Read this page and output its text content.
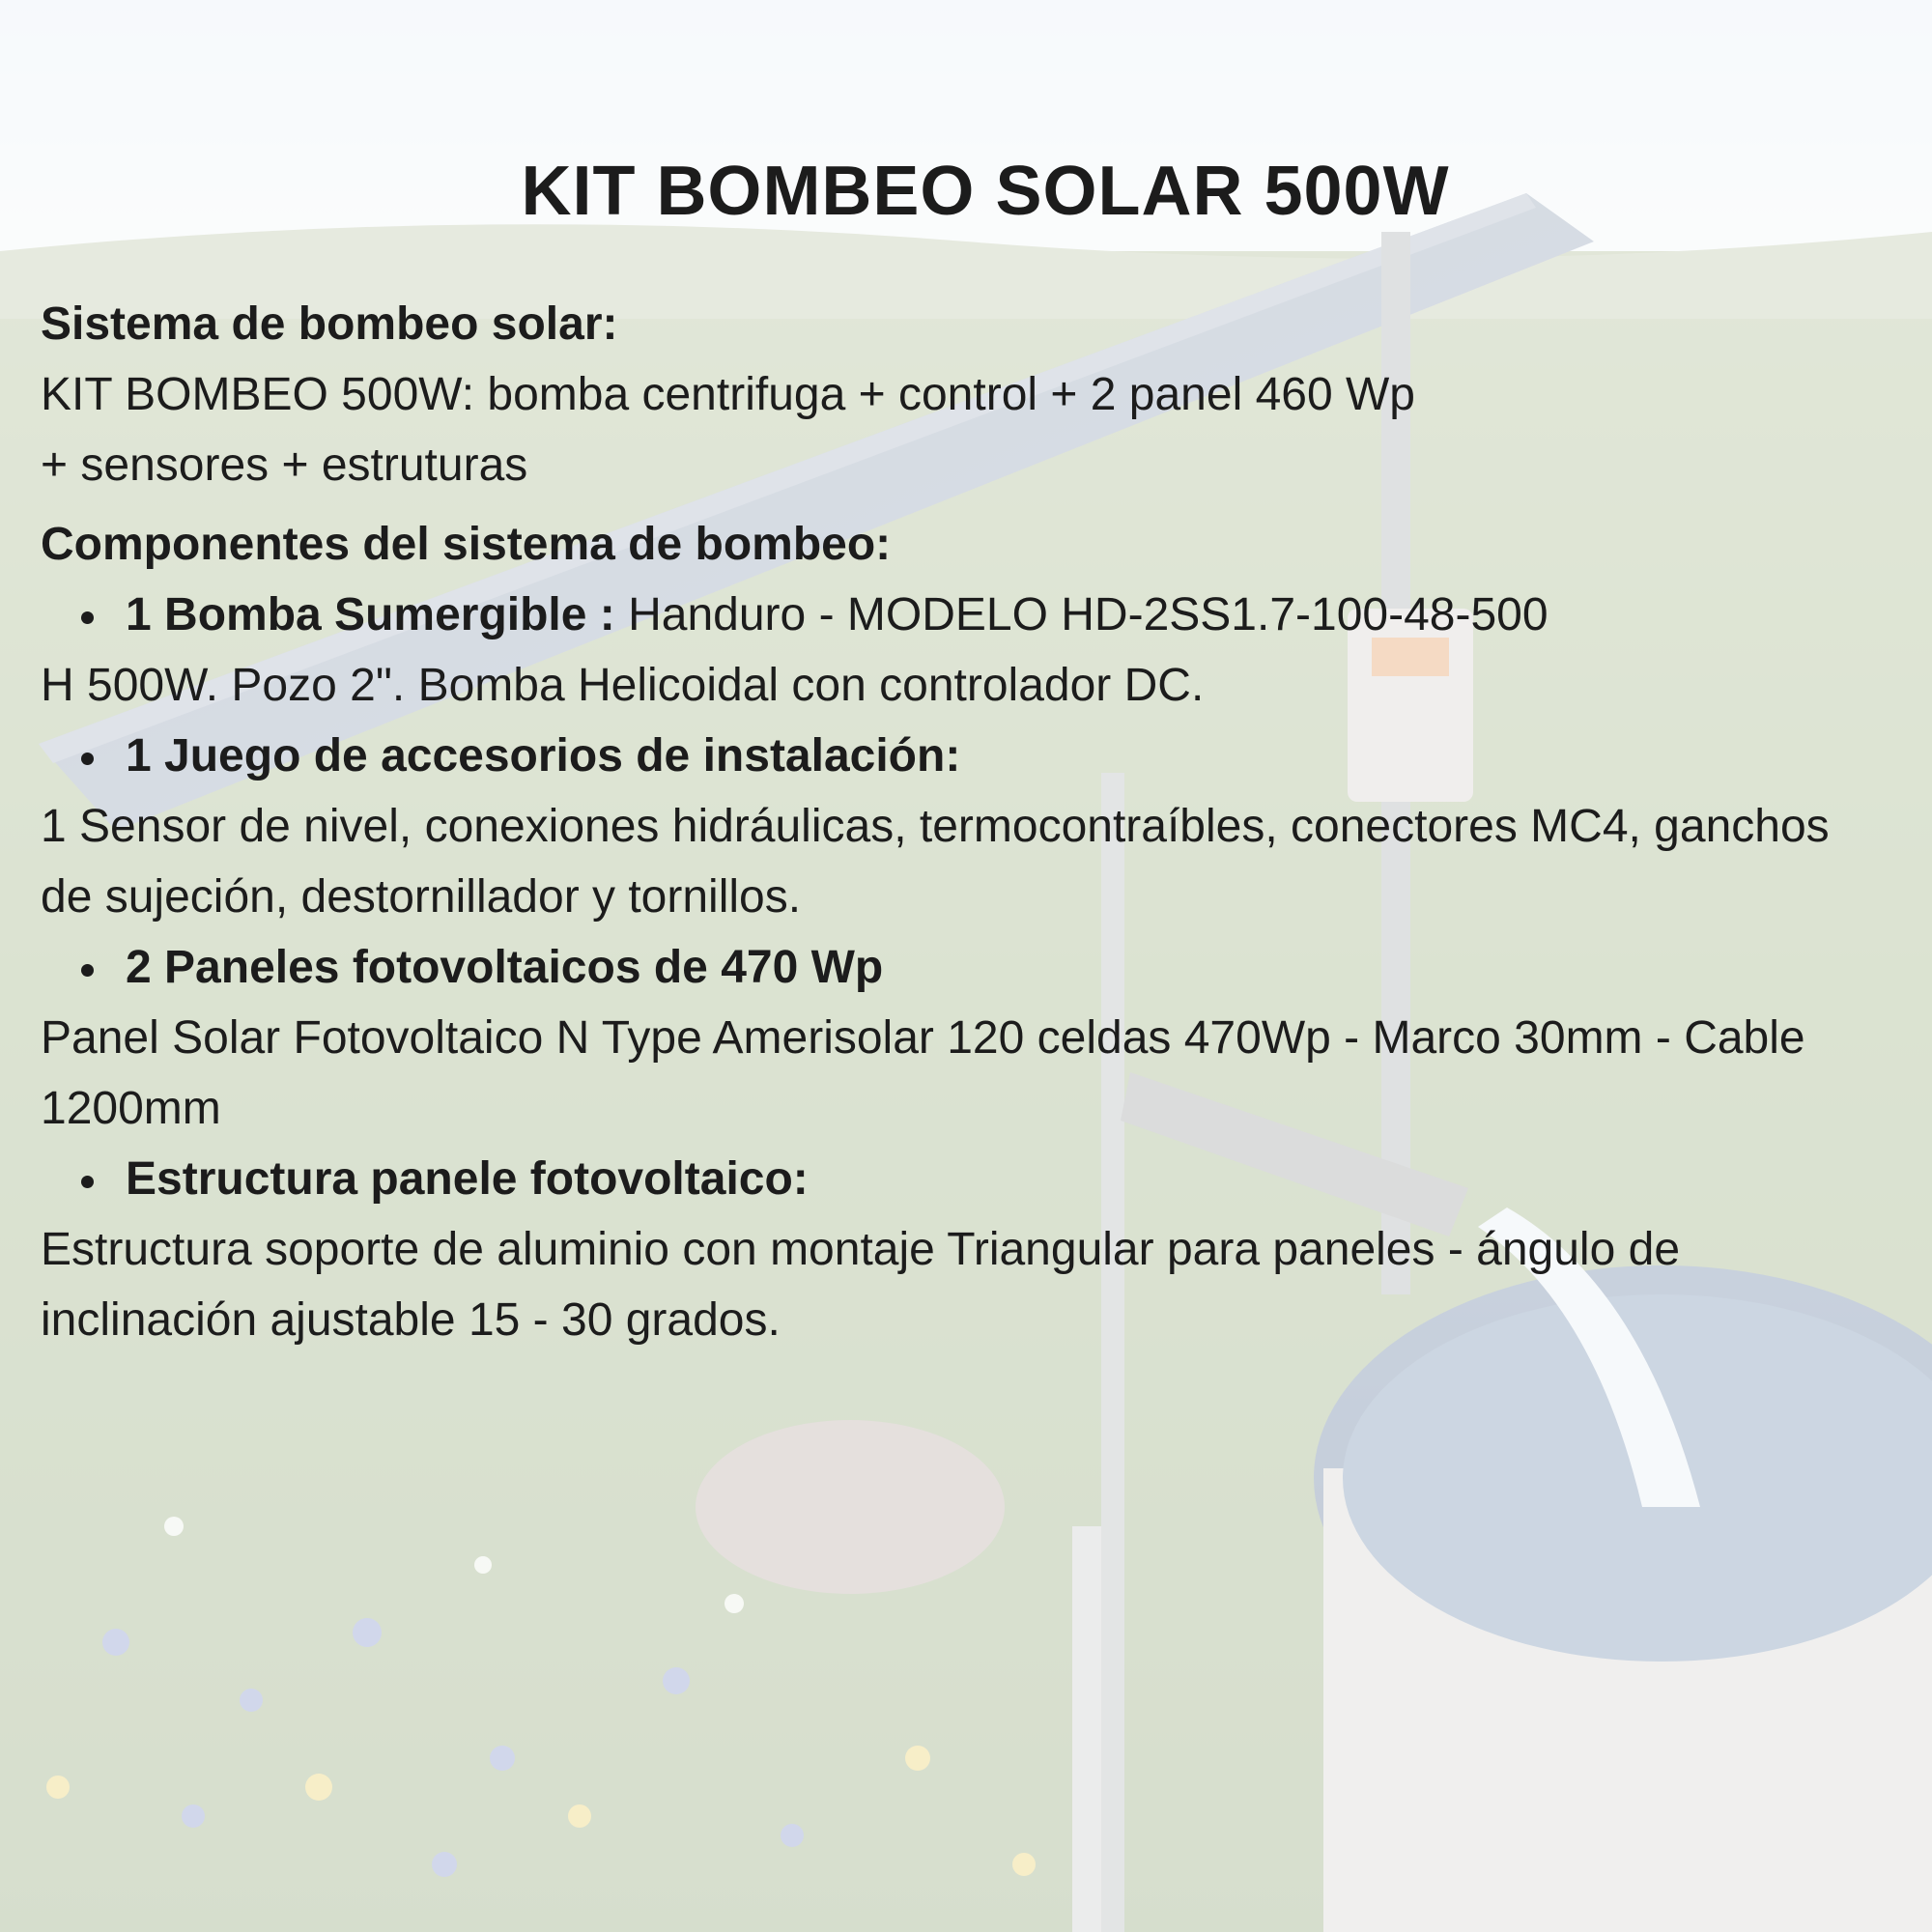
KIT BOMBEO SOLAR 500W

Sistema de bombeo solar:

KIT BOMBEO 500W: bomba centrifuga + control + 2 panel 460 Wp
+ sensores + estruturas

Componentes del sistema de bombeo:

1 Bomba Sumergible : Handuro - MODELO HD-2SS1.7-100-48-500

H 500W. Pozo 2". Bomba Helicoidal con controlador DC.

1 Juego de accesorios de instalación:

1 Sensor de nivel, conexiones hidráulicas, termocontraíbles, conectores MC4, ganchos de sujeción, destornillador y tornillos.

2 Paneles fotovoltaicos de 470 Wp

Panel Solar Fotovoltaico N Type Amerisolar 120 celdas 470Wp - Marco 30mm - Cable 1200mm

Estructura panele fotovoltaico:

Estructura soporte de aluminio con montaje Triangular para paneles - ángulo de inclinación ajustable 15 - 30 grados.
